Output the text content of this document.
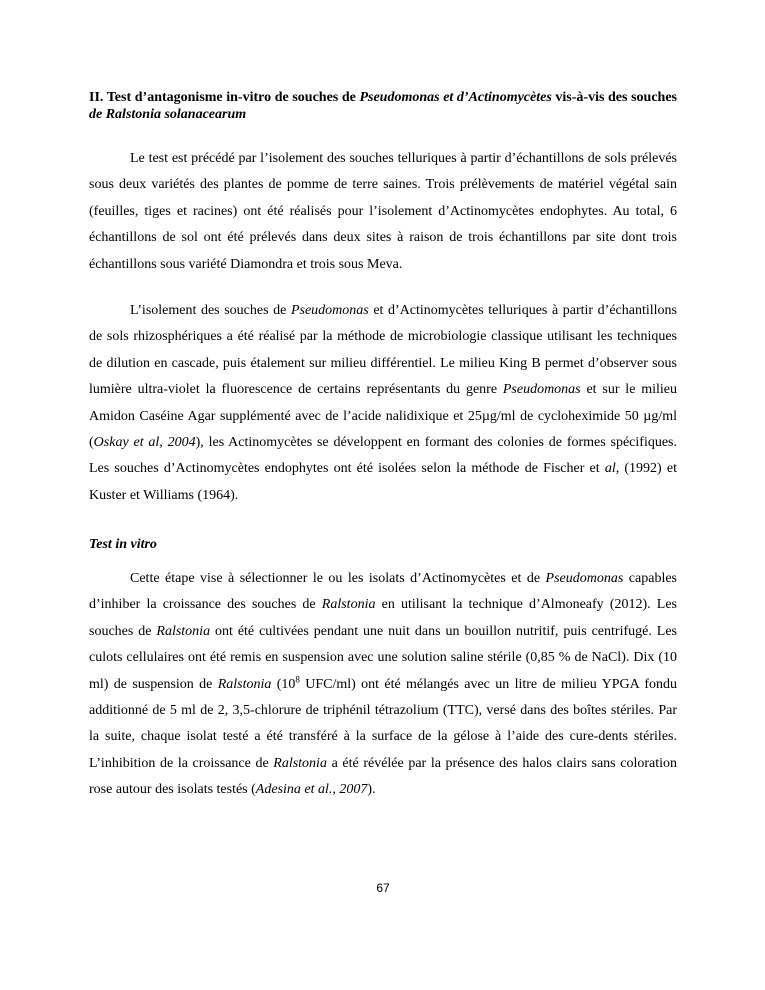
II. Test d’antagonisme in-vitro de souches de Pseudomonas et d’Actinomycètes vis-à-vis des souches de Ralstonia solanacearum

Le test est précédé par l’isolement des souches telluriques à partir d’échantillons de sols prélevés sous deux variétés des plantes de pomme de terre saines. Trois prélèvements de matériel végétal sain (feuilles, tiges et racines) ont été réalisés pour l’isolement d’Actinomycètes endophytes. Au total, 6 échantillons de sol ont été prélevés dans deux sites à raison de trois échantillons par site dont trois échantillons sous variété Diamondra et trois sous Meva.

L’isolement des souches de Pseudomonas et d’Actinomycètes telluriques à partir d’échantillons de sols rhizosphériques a été réalisé par la méthode de microbiologie classique utilisant les techniques de dilution en cascade, puis étalement sur milieu différentiel. Le milieu King B permet d’observer sous lumière ultra-violet la fluorescence de certains représentants du genre Pseudomonas et sur le milieu Amidon Caséine Agar supplémenté avec de l’acide nalidixique et 25µg/ml de cycloheximide 50 µg/ml (Oskay et al, 2004), les Actinomycètes se développent en formant des colonies de formes spécifiques. Les souches d’Actinomycètes endophytes ont été isolées selon la méthode de Fischer et al, (1992) et Kuster et Williams (1964).

Test in vitro

Cette étape vise à sélectionner le ou les isolats d’Actinomycètes et de Pseudomonas capables d’inhiber la croissance des souches de Ralstonia en utilisant la technique d’Almoneafy (2012). Les souches de Ralstonia ont été cultivées pendant une nuit dans un bouillon nutritif, puis centrifugé. Les culots cellulaires ont été remis en suspension avec une solution saline stérile (0,85 % de NaCl). Dix (10 ml) de suspension de Ralstonia ($10^8$ UFC/ml) ont été mélangés avec un litre de milieu YPGA fondu additionné de 5 ml de 2, 3,5-chlorure de triphénil tétrazolium (TTC), versé dans des boîtes stériles. Par la suite, chaque isolat testé a été transféré à la surface de la gélose à l’aide des cure-dents stériles. L’inhibition de la croissance de Ralstonia a été révélée par la présence des halos clairs sans coloration rose autour des isolats testés (Adesina et al., 2007).

67
